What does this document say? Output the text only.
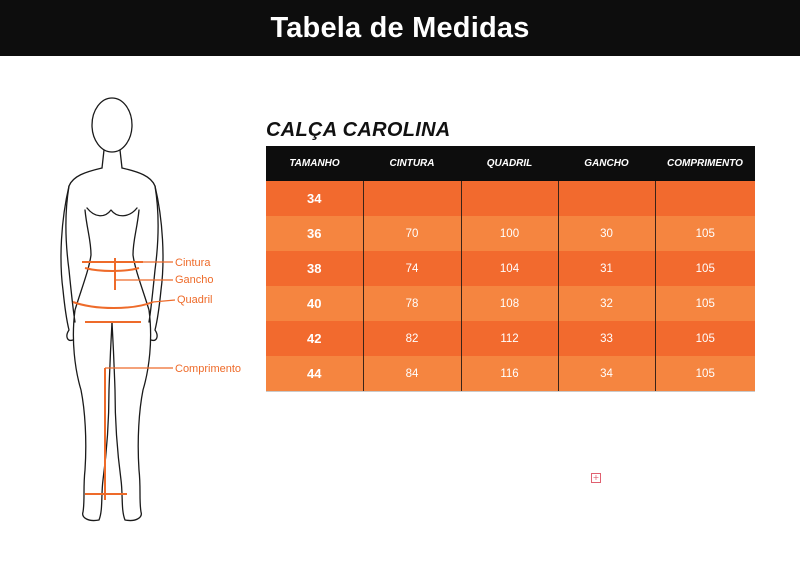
Tabela de Medidas
Cintura
Gancho
Quadril
Comprimento
CALÇA CAROLINA
TAMANHO	CINTURA	QUADRIL	GANCHO	COMPRIMENTO
34				
36	70	100	30	105
38	74	104	31	105
40	78	108	32	105
42	82	112	33	105
44	84	116	34	105
+
